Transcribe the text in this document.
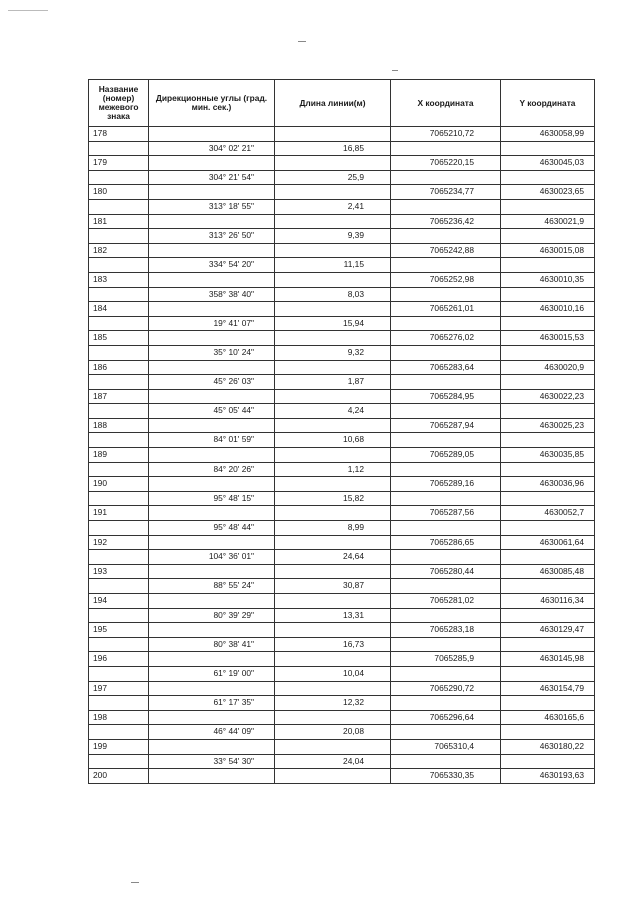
Название (номер) межевого знака	Дирекционные углы (град. мин. сек.)	Длина линии(м)	X координата	Y координата
178			7065210,72	4630058,99
	304° 02' 21"	16,85		
179			7065220,15	4630045,03
	304° 21' 54"	25,9		
180			7065234,77	4630023,65
	313° 18' 55"	2,41		
181			7065236,42	4630021,9
	313° 26' 50"	9,39		
182			7065242,88	4630015,08
	334° 54' 20"	11,15		
183			7065252,98	4630010,35
	358° 38' 40"	8,03		
184			7065261,01	4630010,16
	19° 41' 07"	15,94		
185			7065276,02	4630015,53
	35° 10' 24"	9,32		
186			7065283,64	4630020,9
	45° 26' 03"	1,87		
187			7065284,95	4630022,23
	45° 05' 44"	4,24		
188			7065287,94	4630025,23
	84° 01' 59"	10,68		
189			7065289,05	4630035,85
	84° 20' 26"	1,12		
190			7065289,16	4630036,96
	95° 48' 15"	15,82		
191			7065287,56	4630052,7
	95° 48' 44"	8,99		
192			7065286,65	4630061,64
	104° 36' 01"	24,64		
193			7065280,44	4630085,48
	88° 55' 24"	30,87		
194			7065281,02	4630116,34
	80° 39' 29"	13,31		
195			7065283,18	4630129,47
	80° 38' 41"	16,73		
196			7065285,9	4630145,98
	61° 19' 00"	10,04		
197			7065290,72	4630154,79
	61° 17' 35"	12,32		
198			7065296,64	4630165,6
	46° 44' 09"	20,08		
199			7065310,4	4630180,22
	33° 54' 30"	24,04		
200			7065330,35	4630193,63
